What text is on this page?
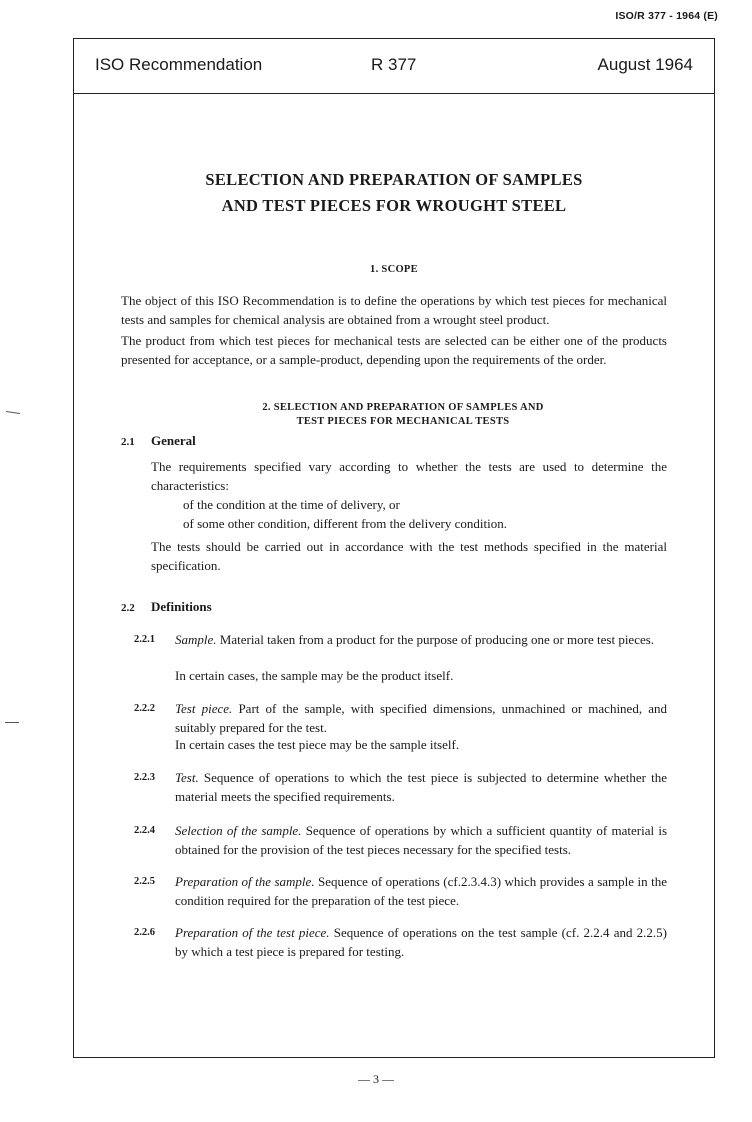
ISO/R 377 - 1964 (E)
ISO Recommendation	R 377	August 1964
SELECTION AND PREPARATION OF SAMPLES
AND TEST PIECES FOR WROUGHT STEEL
1. SCOPE
The object of this ISO Recommendation is to define the operations by which test pieces for mechanical tests and samples for chemical analysis are obtained from a wrought steel product.
The product from which test pieces for mechanical tests are selected can be either one of the products presented for acceptance, or a sample-product, depending upon the requirements of the order.
2. SELECTION AND PREPARATION OF SAMPLES AND
TEST PIECES FOR MECHANICAL TESTS
2.1 General
The requirements specified vary according to whether the tests are used to determine the characteristics:
of the condition at the time of delivery, or
of some other condition, different from the delivery condition.
The tests should be carried out in accordance with the test methods specified in the material specification.
2.2 Definitions
2.2.1 Sample. Material taken from a product for the purpose of producing one or more test pieces.
In certain cases, the sample may be the product itself.
2.2.2 Test piece. Part of the sample, with specified dimensions, unmachined or machined, and suitably prepared for the test.
In certain cases the test piece may be the sample itself.
2.2.3 Test. Sequence of operations to which the test piece is subjected to determine whether the material meets the specified requirements.
2.2.4 Selection of the sample. Sequence of operations by which a sufficient quantity of material is obtained for the provision of the test pieces necessary for the specified tests.
2.2.5 Preparation of the sample. Sequence of operations (cf.2.3.4.3) which provides a sample in the condition required for the preparation of the test piece.
2.2.6 Preparation of the test piece. Sequence of operations on the test sample (cf. 2.2.4 and 2.2.5) by which a test piece is prepared for testing.
— 3 —
